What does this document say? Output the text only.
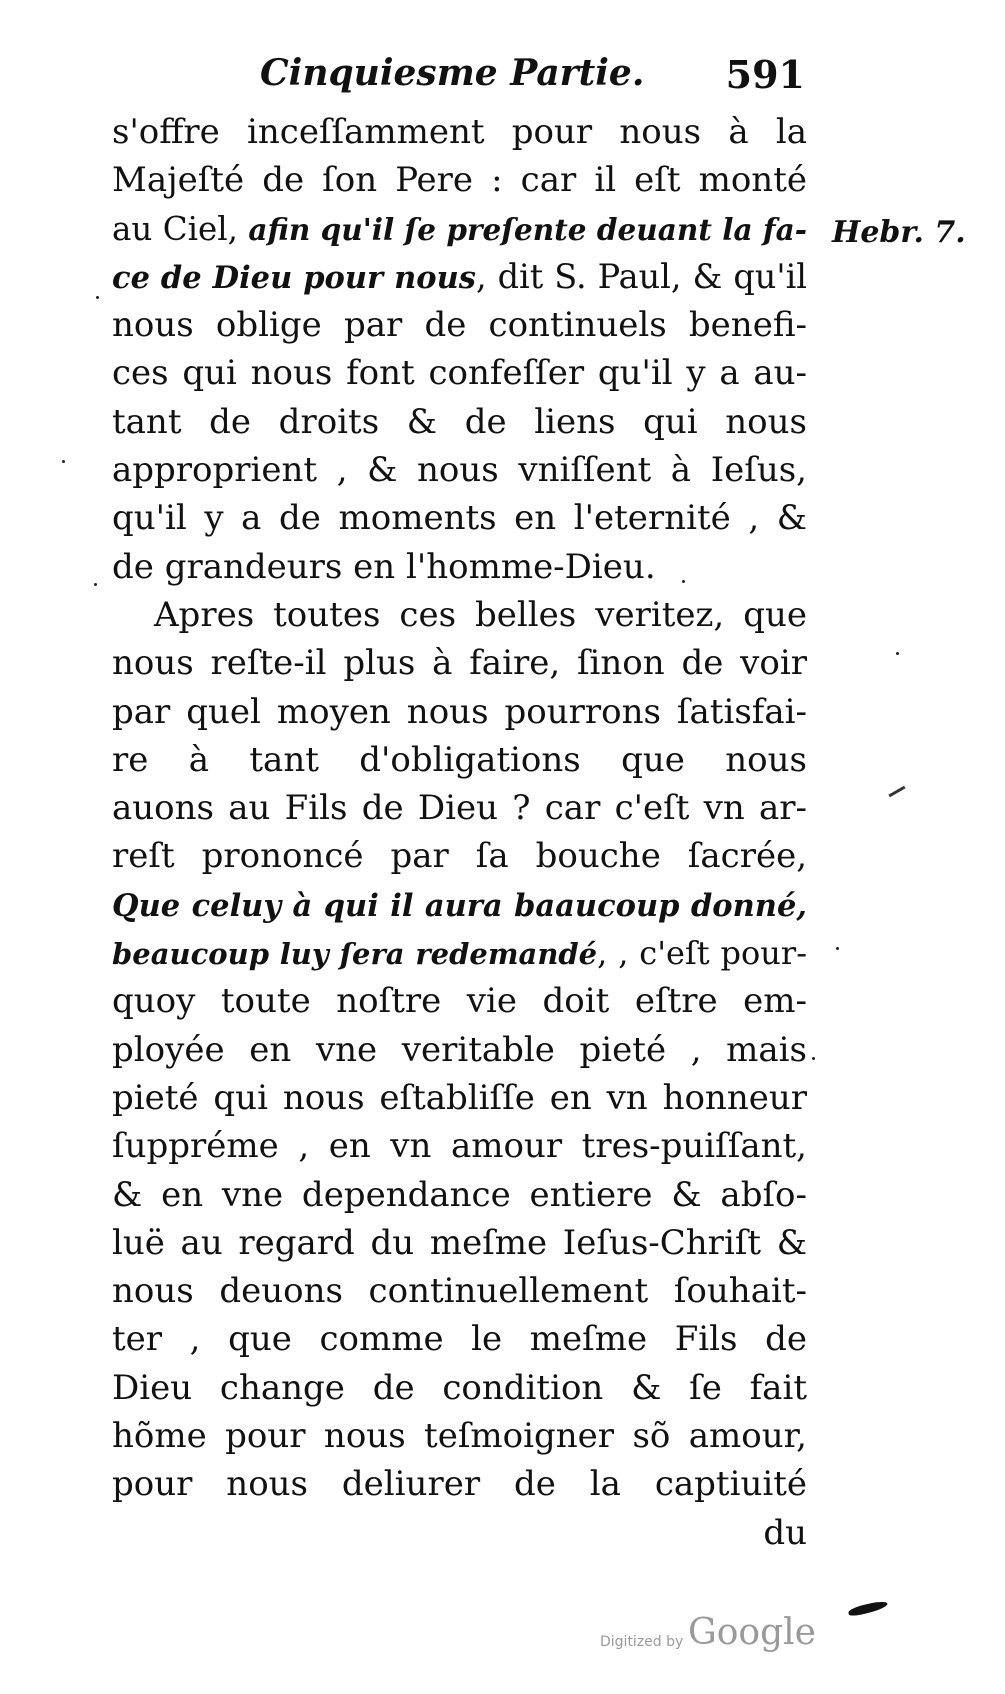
Cinquiesme Partie. 591
Hebr. 7.
s'offre inceſſamment pour nous à la
Majeſté de ſon Pere : car il eſt monté
au Ciel, afin qu'il ſe preſente deuant la fa-
ce de Dieu pour nous, dit S. Paul, & qu'il
nous oblige par de continuels benefi-
ces qui nous font confeſſer qu'il y a au-
tant de droits & de liens qui nous
approprient , & nous vniſſent à Ieſus,
qu'il y a de moments en l'eternité , &
de grandeurs en l'homme-Dieu.
Apres toutes ces belles veritez, que
nous reſte-il plus à faire, ſinon de voir
par quel moyen nous pourrons ſatisfai-
re à tant d'obligations que nous
auons au Fils de Dieu ? car c'eſt vn ar-
reſt prononcé par ſa bouche ſacrée,
Que celuy à qui il aura baaucoup donné,
beaucoup luy ſera redemandé, , c'eſt pour-
quoy toute noſtre vie doit eſtre em-
ployée en vne veritable pieté , mais
pieté qui nous eſtabliſſe en vn honneur
ſuppréme , en vn amour tres-puiſſant,
& en vne dependance entiere & abſo-
luë au regard du meſme Ieſus-Chriſt &
nous deuons continuellement ſouhait-
ter , que comme le meſme Fils de
Dieu change de condition & ſe fait
hõme pour nous teſmoigner sõ amour,
pour nous deliurer de la captiuité
du
Digitized by Google
